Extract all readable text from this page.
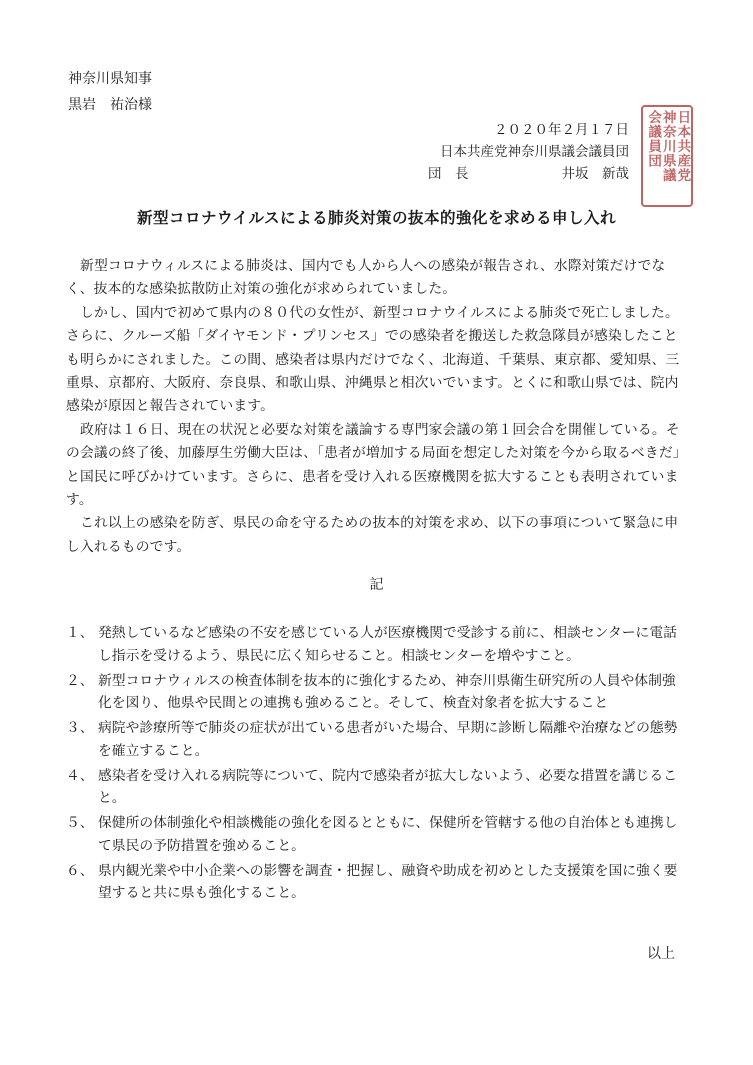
神奈川県知事
黒岩　祐治様
２０２０年２月１７日
日本共産党神奈川県議会議員団
団　長	井坂　新哉	日本共産党
神奈川県議
会議員団
新型コロナウイルスによる肺炎対策の抜本的強化を求める申し入れ

新型コロナウィルスによる肺炎は、国内でも人から人への感染が報告され、水際対策だけでなく、抜本的な感染拡散防止対策の強化が求められていました。

しかし、国内で初めて県内の８０代の女性が、新型コロナウイルスによる肺炎で死亡しました。さらに、クルーズ船「ダイヤモンド・プリンセス」での感染者を搬送した救急隊員が感染したことも明らかにされました。この間、感染者は県内だけでなく、北海道、千葉県、東京都、愛知県、三重県、京都府、大阪府、奈良県、和歌山県、沖縄県と相次いでいます。とくに和歌山県では、院内感染が原因と報告されています。

政府は１６日、現在の状況と必要な対策を議論する専門家会議の第１回会合を開催している。その会議の終了後、加藤厚生労働大臣は、「患者が増加する局面を想定した対策を今から取るべきだ」と国民に呼びかけています。さらに、患者を受け入れる医療機関を拡大することも表明されています。

これ以上の感染を防ぎ、県民の命を守るための抜本的対策を求め、以下の事項について緊急に申し入れるものです。

記
１、 発熱しているなど感染の不安を感じている人が医療機関で受診する前に、相談センターに電話し指示を受けるよう、県民に広く知らせること。相談センターを増やすこと。
２、 新型コロナウィルスの検査体制を抜本的に強化するため、神奈川県衛生研究所の人員や体制強化を図り、他県や民間との連携も強めること。そして、検査対象者を拡大すること
３、 病院や診療所等で肺炎の症状が出ている患者がいた場合、早期に診断し隔離や治療などの態勢を確立すること。
４、 感染者を受け入れる病院等について、院内で感染者が拡大しないよう、必要な措置を講じること。
５、 保健所の体制強化や相談機能の強化を図るとともに、保健所を管轄する他の自治体とも連携して県民の予防措置を強めること。
６、 県内観光業や中小企業への影響を調査・把握し、融資や助成を初めとした支援策を国に強く要望すると共に県も強化すること。
以上
